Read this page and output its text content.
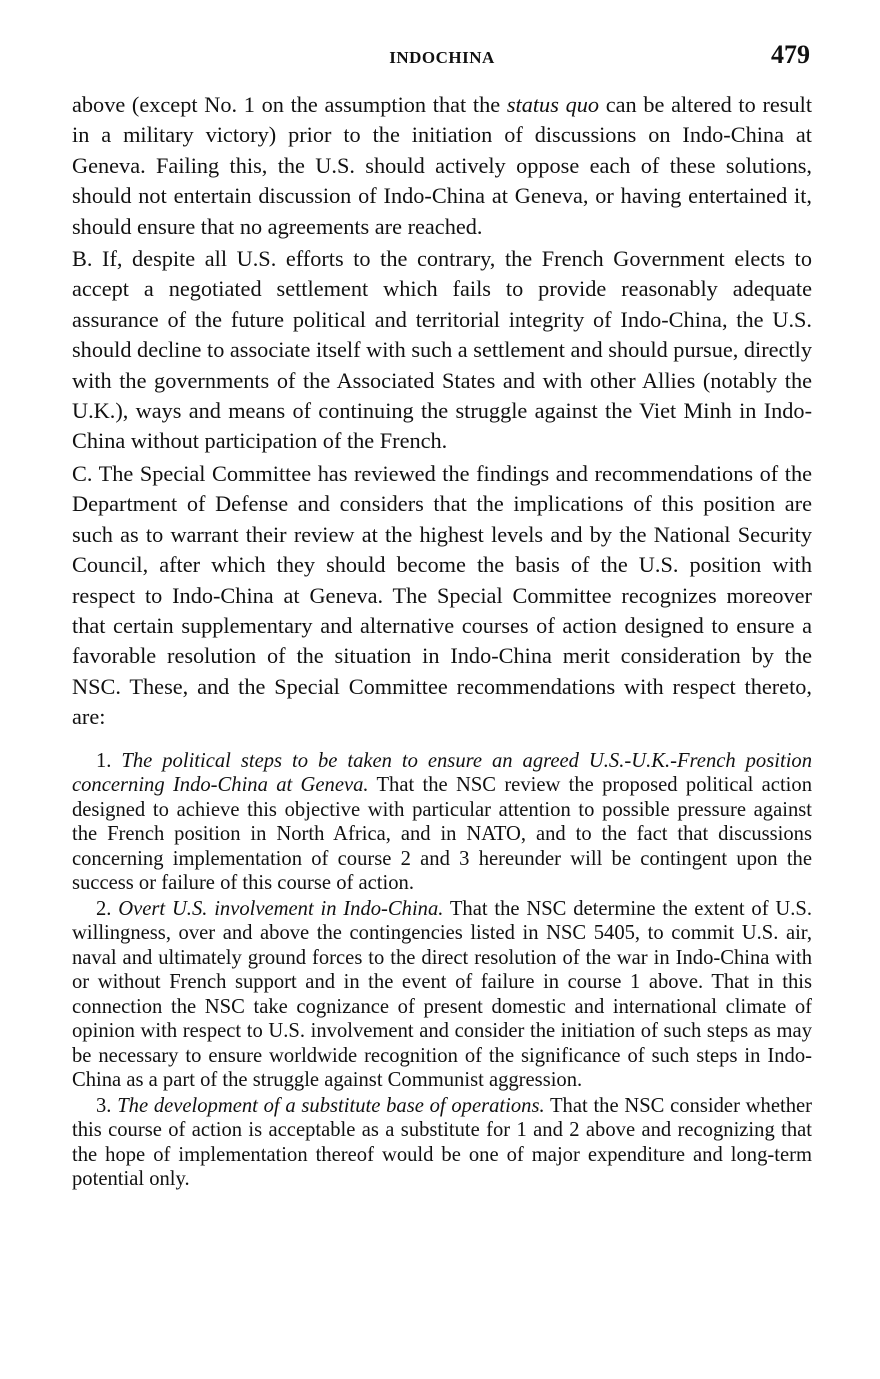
INDOCHINA	479

above (except No. 1 on the assumption that the status quo can be altered to result in a military victory) prior to the initiation of discussions on Indo-China at Geneva. Failing this, the U.S. should actively oppose each of these solutions, should not entertain discussion of Indo-China at Geneva, or having entertained it, should ensure that no agreements are reached.

B. If, despite all U.S. efforts to the contrary, the French Government elects to accept a negotiated settlement which fails to provide reasonably adequate assurance of the future political and territorial integrity of Indo-China, the U.S. should decline to associate itself with such a settlement and should pursue, directly with the governments of the Associated States and with other Allies (notably the U.K.), ways and means of continuing the struggle against the Viet Minh in Indo-China without participation of the French.

C. The Special Committee has reviewed the findings and recommendations of the Department of Defense and considers that the implications of this position are such as to warrant their review at the highest levels and by the National Security Council, after which they should become the basis of the U.S. position with respect to Indo-China at Geneva. The Special Committee recognizes moreover that certain supplementary and alternative courses of action designed to ensure a favorable resolution of the situation in Indo-China merit consideration by the NSC. These, and the Special Committee recommendations with respect thereto, are:

1. The political steps to be taken to ensure an agreed U.S.-U.K.-French position concerning Indo-China at Geneva. That the NSC review the proposed political action designed to achieve this objective with particular attention to possible pressure against the French position in North Africa, and in NATO, and to the fact that discussions concerning implementation of course 2 and 3 hereunder will be contingent upon the success or failure of this course of action.

2. Overt U.S. involvement in Indo-China. That the NSC determine the extent of U.S. willingness, over and above the contingencies listed in NSC 5405, to commit U.S. air, naval and ultimately ground forces to the direct resolution of the war in Indo-China with or without French support and in the event of failure in course 1 above. That in this connection the NSC take cognizance of present domestic and international climate of opinion with respect to U.S. involvement and consider the initiation of such steps as may be necessary to ensure worldwide recognition of the significance of such steps in Indo-China as a part of the struggle against Communist aggression.

3. The development of a substitute base of operations. That the NSC consider whether this course of action is acceptable as a substitute for 1 and 2 above and recognizing that the hope of implementation thereof would be one of major expenditure and long-term potential only.
